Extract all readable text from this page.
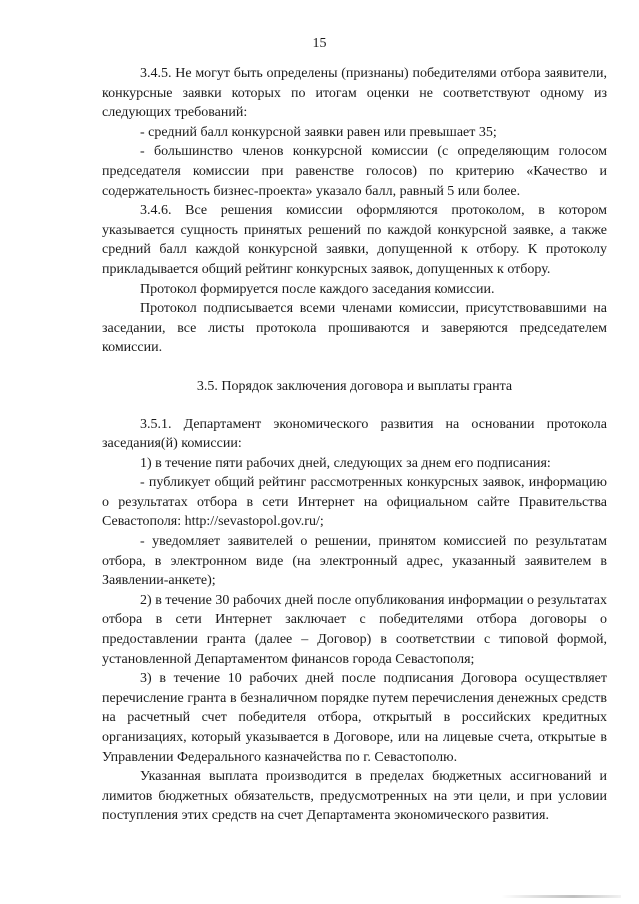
15

3.4.5. Не могут быть определены (признаны) победителями отбора заявители, конкурсные заявки которых по итогам оценки не соответствуют одному из следующих требований:

- средний балл конкурсной заявки равен или превышает 35;

- большинство членов конкурсной комиссии (с определяющим голосом председателя комиссии при равенстве голосов) по критерию «Качество и содержательность бизнес-проекта» указало балл, равный 5 или более.

3.4.6. Все решения комиссии оформляются протоколом, в котором указывается сущность принятых решений по каждой конкурсной заявке, а также средний балл каждой конкурсной заявки, допущенной к отбору. К протоколу прикладывается общий рейтинг конкурсных заявок, допущенных к отбору.

Протокол формируется после каждого заседания комиссии.

Протокол подписывается всеми членами комиссии, присутствовавшими на заседании, все листы протокола прошиваются и заверяются председателем комиссии.

3.5. Порядок заключения договора и выплаты гранта

3.5.1. Департамент экономического развития на основании протокола заседания(й) комиссии:

1) в течение пяти рабочих дней, следующих за днем его подписания:

- публикует общий рейтинг рассмотренных конкурсных заявок, информацию о результатах отбора в сети Интернет на официальном сайте Правительства Севастополя: http://sevastopol.gov.ru/;

- уведомляет заявителей о решении, принятом комиссией по результатам отбора, в электронном виде (на электронный адрес, указанный заявителем в Заявлении-анкете);

2) в течение 30 рабочих дней после опубликования информации о результатах отбора в сети Интернет заключает с победителями отбора договоры о предоставлении гранта (далее – Договор) в соответствии с типовой формой, установленной Департаментом финансов города Севастополя;

3) в течение 10 рабочих дней после подписания Договора осуществляет перечисление гранта в безналичном порядке путем перечисления денежных средств на расчетный счет победителя отбора, открытый в российских кредитных организациях, который указывается в Договоре, или на лицевые счета, открытые в Управлении Федерального казначейства по г. Севастополю.

Указанная выплата производится в пределах бюджетных ассигнований и лимитов бюджетных обязательств, предусмотренных на эти цели, и при условии поступления этих средств на счет Департамента экономического развития.
